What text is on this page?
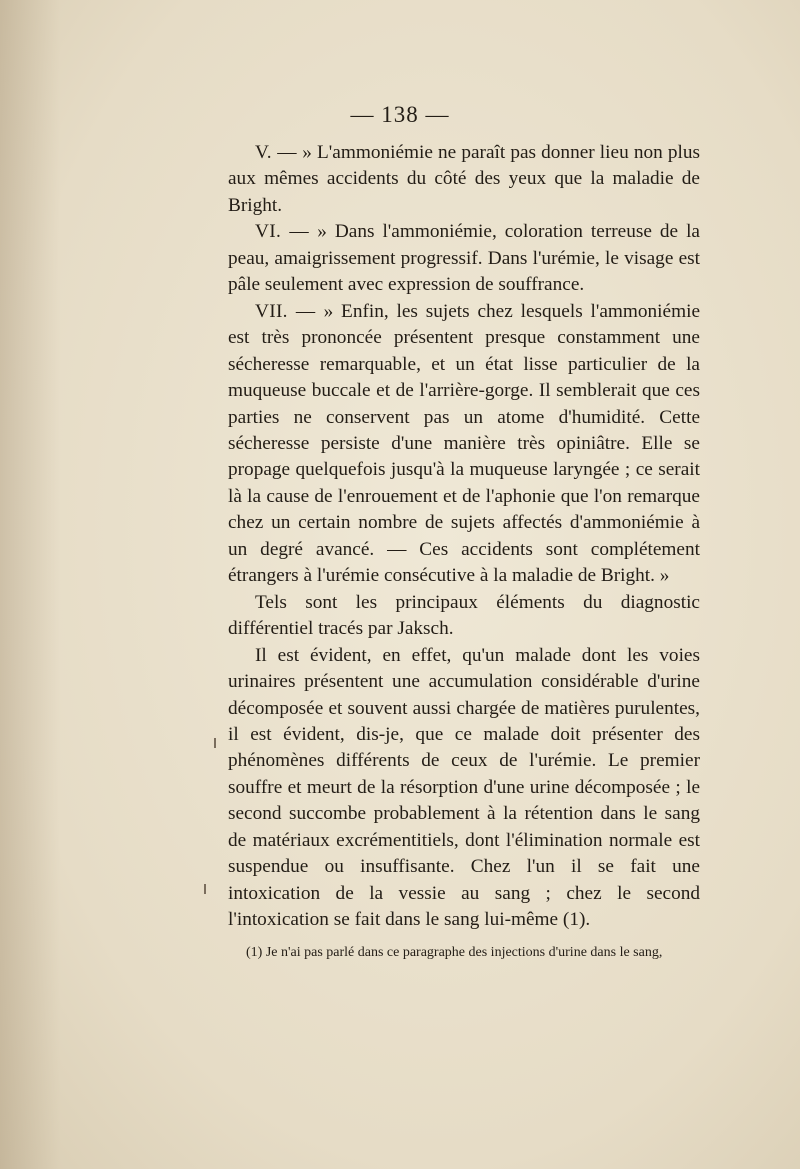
— 138 —

V. — » L'ammoniémie ne paraît pas donner lieu non plus aux mêmes accidents du côté des yeux que la maladie de Bright.

VI. — » Dans l'ammoniémie, coloration terreuse de la peau, amaigrissement progressif. Dans l'urémie, le visage est pâle seulement avec expression de souffrance.

VII. — » Enfin, les sujets chez lesquels l'ammoniémie est très prononcée présentent presque constamment une sécheresse remarquable, et un état lisse particulier de la muqueuse buccale et de l'arrière-gorge. Il semblerait que ces parties ne conservent pas un atome d'humidité. Cette sécheresse persiste d'une manière très opiniâtre. Elle se propage quelquefois jusqu'à la muqueuse laryngée ; ce serait là la cause de l'enrouement et de l'aphonie que l'on remarque chez un certain nombre de sujets affectés d'ammoniémie à un degré avancé. — Ces accidents sont complétement étrangers à l'urémie consécutive à la maladie de Bright. »

Tels sont les principaux éléments du diagnostic différentiel tracés par Jaksch.

Il est évident, en effet, qu'un malade dont les voies urinaires présentent une accumulation considérable d'urine décomposée et souvent aussi chargée de matières purulentes, il est évident, dis-je, que ce malade doit présenter des phénomènes différents de ceux de l'urémie. Le premier souffre et meurt de la résorption d'une urine décomposée ; le second succombe probablement à la rétention dans le sang de matériaux excrémentitiels, dont l'élimination normale est suspendue ou insuffisante. Chez l'un il se fait une intoxication de la vessie au sang ; chez le second l'intoxication se fait dans le sang lui-même (1).

(1) Je n'ai pas parlé dans ce paragraphe des injections d'urine dans le sang,
